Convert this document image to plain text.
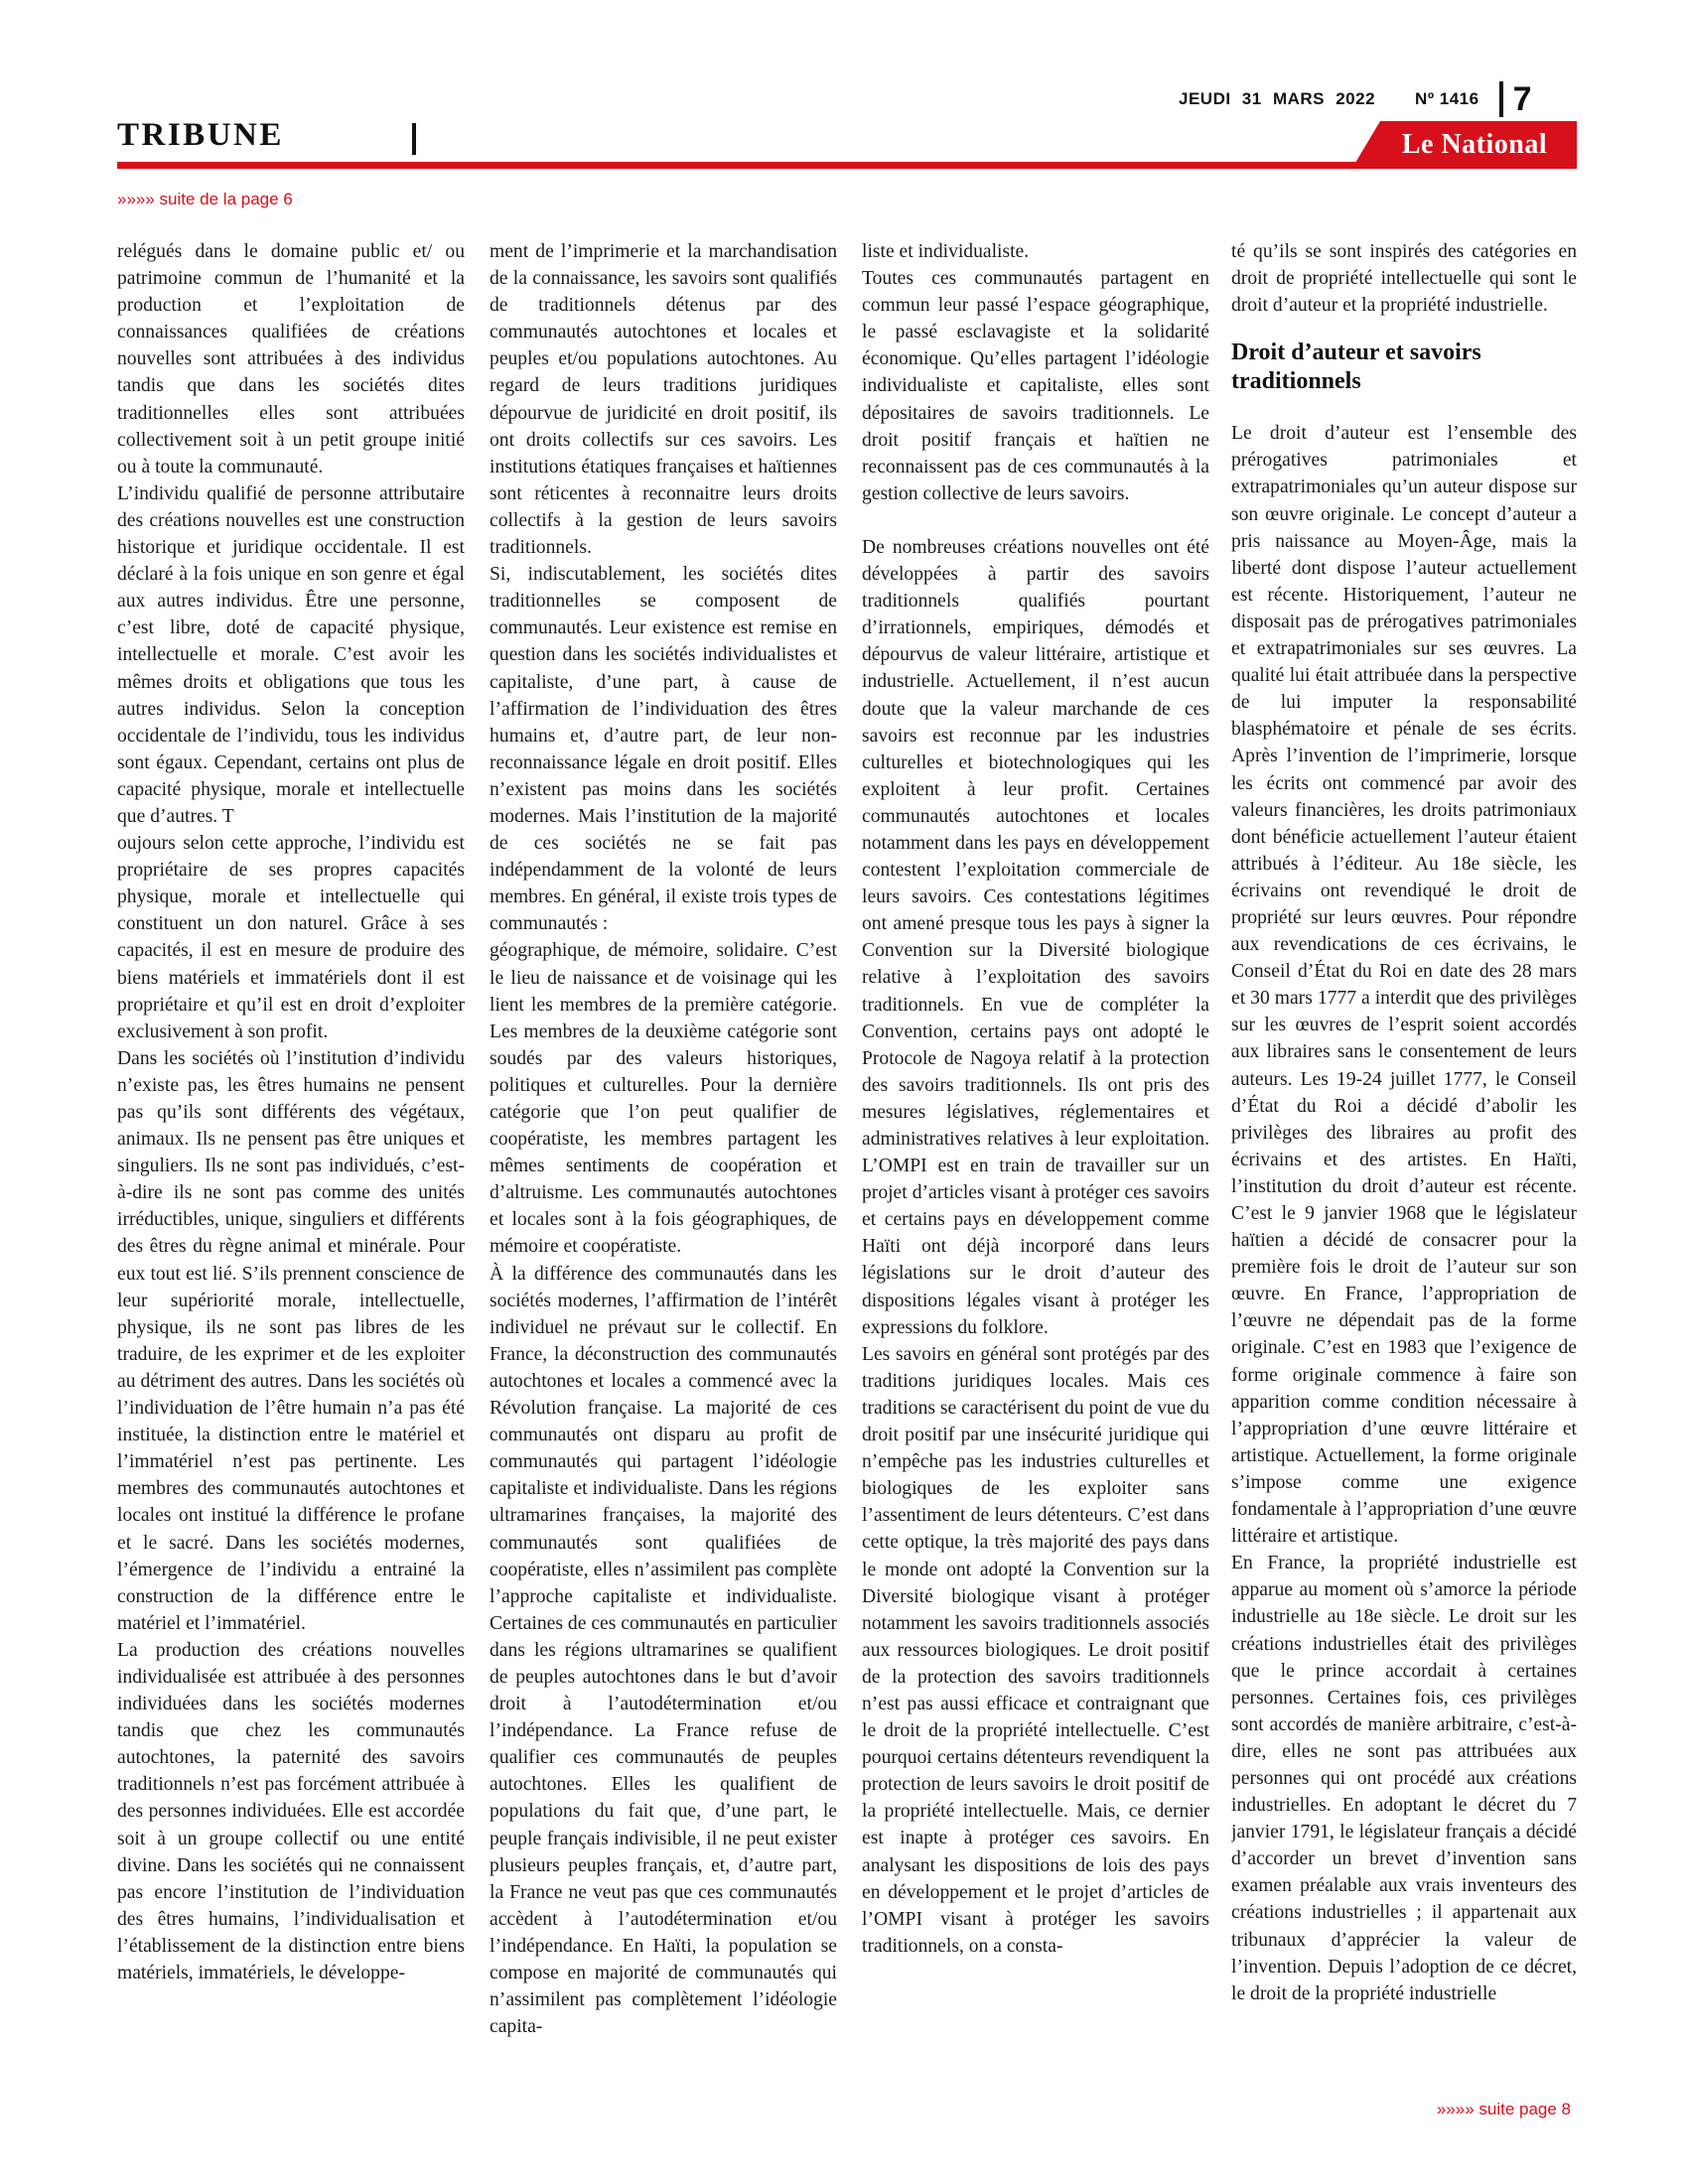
JEUDI 31 MARS 2022 Nº 1416 7
TRIBUNE	Le National
»»»» suite de la page 6

relégués dans le domaine public et/ ou patrimoine commun de l’humanité et la production et l’exploitation de connaissances qualifiées de créations nouvelles sont attribuées à des individus tandis que dans les sociétés dites traditionnelles elles sont attribuées collectivement soit à un petit groupe initié ou à toute la communauté.

L’individu qualifié de personne attributaire des créations nouvelles est une construction historique et juridique occidentale. Il est déclaré à la fois unique en son genre et égal aux autres individus. Être une personne, c’est libre, doté de capacité physique, intellectuelle et morale. C’est avoir les mêmes droits et obligations que tous les autres individus. Selon la conception occidentale de l’individu, tous les individus sont égaux. Cependant, certains ont plus de capacité physique, morale et intellectuelle que d’autres. T

oujours selon cette approche, l’individu est propriétaire de ses propres capacités physique, morale et intellectuelle qui constituent un don naturel. Grâce à ses capacités, il est en mesure de produire des biens matériels et immatériels dont il est propriétaire et qu’il est en droit d’exploiter exclusivement à son profit.

Dans les sociétés où l’institution d’individu n’existe pas, les êtres humains ne pensent pas qu’ils sont différents des végétaux, animaux. Ils ne pensent pas être uniques et singuliers. Ils ne sont pas individués, c’est-à-dire ils ne sont pas comme des unités irréductibles, unique, singuliers et différents des êtres du règne animal et minérale. Pour eux tout est lié. S’ils prennent conscience de leur supériorité morale, intellectuelle, physique, ils ne sont pas libres de les traduire, de les exprimer et de les exploiter au détriment des autres. Dans les sociétés où l’individuation de l’être humain n’a pas été instituée, la distinction entre le matériel et l’immatériel n’est pas pertinente. Les membres des communautés autochtones et locales ont institué la différence le profane et le sacré. Dans les sociétés modernes, l’émergence de l’individu a entrainé la construction de la différence entre le matériel et l’immatériel.

La production des créations nouvelles individualisée est attribuée à des personnes individuées dans les sociétés modernes tandis que chez les communautés autochtones, la paternité des savoirs traditionnels n’est pas forcément attribuée à des personnes individuées. Elle est accordée soit à un groupe collectif ou une entité divine. Dans les sociétés qui ne connaissent pas encore l’institution de l’individuation des êtres humains, l’individualisation et l’établissement de la distinction entre biens matériels, immatériels, le développe-

ment de l’imprimerie et la marchandisation de la connaissance, les savoirs sont qualifiés de traditionnels détenus par des communautés autochtones et locales et peuples et/ou populations autochtones. Au regard de leurs traditions juridiques dépourvue de juridicité en droit positif, ils ont droits collectifs sur ces savoirs. Les institutions étatiques françaises et haïtiennes sont réticentes à reconnaitre leurs droits collectifs à la gestion de leurs savoirs traditionnels.

Si, indiscutablement, les sociétés dites traditionnelles se composent de communautés. Leur existence est remise en question dans les sociétés individualistes et capitaliste, d’une part, à cause de l’affirmation de l’individuation des êtres humains et, d’autre part, de leur non-reconnaissance légale en droit positif. Elles n’existent pas moins dans les sociétés modernes. Mais l’institution de la majorité de ces sociétés ne se fait pas indépendamment de la volonté de leurs membres. En général, il existe trois types de communautés :

géographique, de mémoire, solidaire. C’est le lieu de naissance et de voisinage qui les lient les membres de la première catégorie. Les membres de la deuxième catégorie sont soudés par des valeurs historiques, politiques et culturelles. Pour la dernière catégorie que l’on peut qualifier de coopératiste, les membres partagent les mêmes sentiments de coopération et d’altruisme. Les communautés autochtones et locales sont à la fois géographiques, de mémoire et coopératiste.

À la différence des communautés dans les sociétés modernes, l’affirmation de l’intérêt individuel ne prévaut sur le collectif. En France, la déconstruction des communautés autochtones et locales a commencé avec la Révolution française. La majorité de ces communautés ont disparu au profit de communautés qui partagent l’idéologie capitaliste et individualiste. Dans les régions ultramarines françaises, la majorité des communautés sont qualifiées de coopératiste, elles n’assimilent pas complète l’approche capitaliste et individualiste. Certaines de ces communautés en particulier dans les régions ultramarines se qualifient de peuples autochtones dans le but d’avoir droit à l’autodétermination et/ou l’indépendance. La France refuse de qualifier ces communautés de peuples autochtones. Elles les qualifient de populations du fait que, d’une part, le peuple français indivisible, il ne peut exister plusieurs peuples français, et, d’autre part, la France ne veut pas que ces communautés accèdent à l’autodétermination et/ou l’indépendance. En Haïti, la population se compose en majorité de communautés qui n’assimilent pas complètement l’idéologie capita-

liste et individualiste.

Toutes ces communautés partagent en commun leur passé l’espace géographique, le passé esclavagiste et la solidarité économique. Qu’elles partagent l’idéologie individualiste et capitaliste, elles sont dépositaires de savoirs traditionnels. Le droit positif français et haïtien ne reconnaissent pas de ces communautés à la gestion collective de leurs savoirs.

De nombreuses créations nouvelles ont été développées à partir des savoirs traditionnels qualifiés pourtant d’irrationnels, empiriques, démodés et dépourvus de valeur littéraire, artistique et industrielle. Actuellement, il n’est aucun doute que la valeur marchande de ces savoirs est reconnue par les industries culturelles et biotechnologiques qui les exploitent à leur profit. Certaines communautés autochtones et locales notamment dans les pays en développement contestent l’exploitation commerciale de leurs savoirs. Ces contestations légitimes ont amené presque tous les pays à signer la Convention sur la Diversité biologique relative à l’exploitation des savoirs traditionnels. En vue de compléter la Convention, certains pays ont adopté le Protocole de Nagoya relatif à la protection des savoirs traditionnels. Ils ont pris des mesures législatives, réglementaires et administratives relatives à leur exploitation. L’OMPI est en train de travailler sur un projet d’articles visant à protéger ces savoirs et certains pays en développement comme Haïti ont déjà incorporé dans leurs législations sur le droit d’auteur des dispositions légales visant à protéger les expressions du folklore.

Les savoirs en général sont protégés par des traditions juridiques locales. Mais ces traditions se caractérisent du point de vue du droit positif par une insécurité juridique qui n’empêche pas les industries culturelles et biologiques de les exploiter sans l’assentiment de leurs détenteurs. C’est dans cette optique, la très majorité des pays dans le monde ont adopté la Convention sur la Diversité biologique visant à protéger notamment les savoirs traditionnels associés aux ressources biologiques. Le droit positif de la protection des savoirs traditionnels n’est pas aussi efficace et contraignant que le droit de la propriété intellectuelle. C’est pourquoi certains détenteurs revendiquent la protection de leurs savoirs le droit positif de la propriété intellectuelle. Mais, ce dernier est inapte à protéger ces savoirs. En analysant les dispositions de lois des pays en développement et le projet d’articles de l’OMPI visant à protéger les savoirs traditionnels, on a consta-

té qu’ils se sont inspirés des catégories en droit de propriété intellectuelle qui sont le droit d’auteur et la propriété industrielle.

Droit d’auteur et savoirs traditionnels

Le droit d’auteur est l’ensemble des prérogatives patrimoniales et extrapatrimoniales qu’un auteur dispose sur son œuvre originale. Le concept d’auteur a pris naissance au Moyen-Âge, mais la liberté dont dispose l’auteur actuellement est récente. Historiquement, l’auteur ne disposait pas de prérogatives patrimoniales et extrapatrimoniales sur ses œuvres. La qualité lui était attribuée dans la perspective de lui imputer la responsabilité blasphématoire et pénale de ses écrits. Après l’invention de l’imprimerie, lorsque les écrits ont commencé par avoir des valeurs financières, les droits patrimoniaux dont bénéficie actuellement l’auteur étaient attribués à l’éditeur. Au 18e siècle, les écrivains ont revendiqué le droit de propriété sur leurs œuvres. Pour répondre aux revendications de ces écrivains, le Conseil d’État du Roi en date des 28 mars et 30 mars 1777 a interdit que des privilèges sur les œuvres de l’esprit soient accordés aux libraires sans le consentement de leurs auteurs. Les 19-24 juillet 1777, le Conseil d’État du Roi a décidé d’abolir les privilèges des libraires au profit des écrivains et des artistes. En Haïti, l’institution du droit d’auteur est récente. C’est le 9 janvier 1968 que le législateur haïtien a décidé de consacrer pour la première fois le droit de l’auteur sur son œuvre. En France, l’appropriation de l’œuvre ne dépendait pas de la forme originale. C’est en 1983 que l’exigence de forme originale commence à faire son apparition comme condition nécessaire à l’appropriation d’une œuvre littéraire et artistique. Actuellement, la forme originale s’impose comme une exigence fondamentale à l’appropriation d’une œuvre littéraire et artistique.

En France, la propriété industrielle est apparue au moment où s’amorce la période industrielle au 18e siècle. Le droit sur les créations industrielles était des privilèges que le prince accordait à certaines personnes. Certaines fois, ces privilèges sont accordés de manière arbitraire, c’est-à-dire, elles ne sont pas attribuées aux personnes qui ont procédé aux créations industrielles. En adoptant le décret du 7 janvier 1791, le législateur français a décidé d’accorder un brevet d’invention sans examen préalable aux vrais inventeurs des créations industrielles ; il appartenait aux tribunaux d’apprécier la valeur de l’invention. Depuis l’adoption de ce décret, le droit de la propriété industrielle

»»»» suite page 8
